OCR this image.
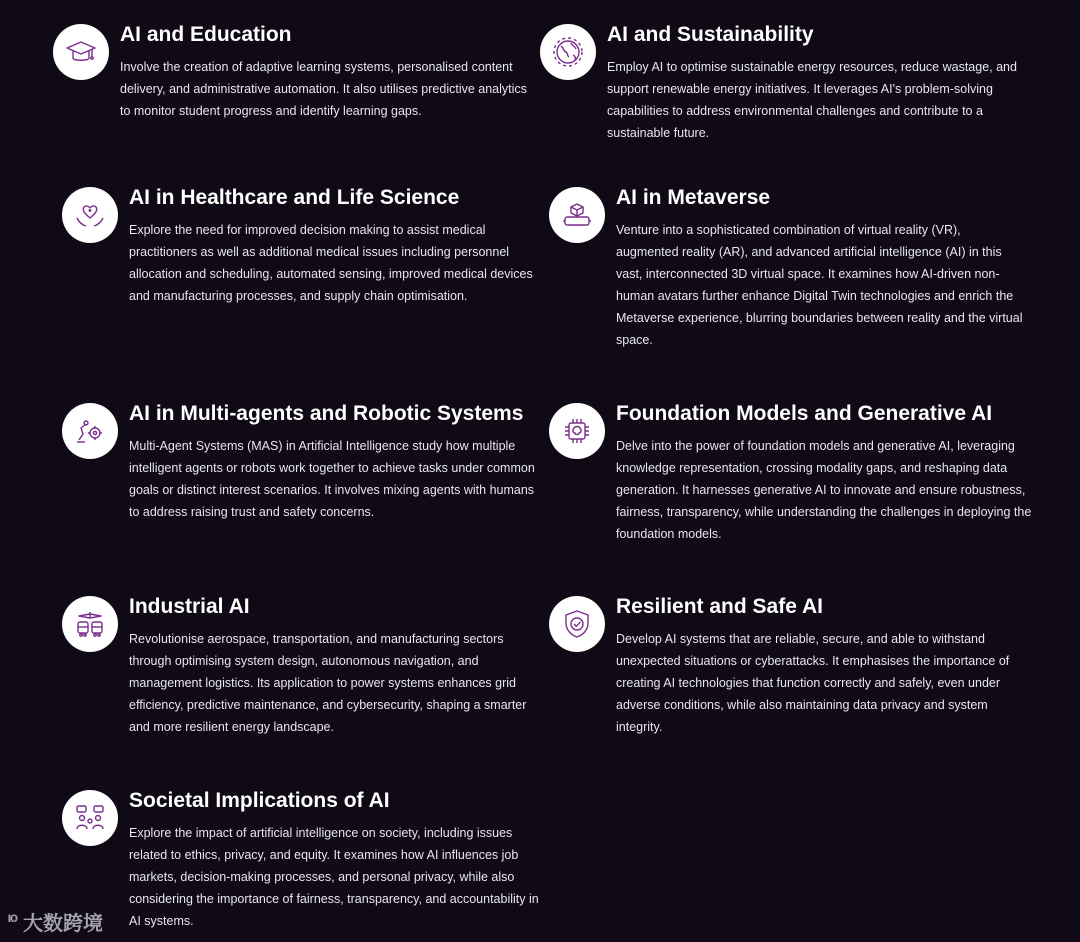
AI and Education

Involve the creation of adaptive learning systems, personalised content delivery, and administrative automation. It also utilises predictive analytics to monitor student progress and identify learning gaps.

AI and Sustainability

Employ AI to optimise sustainable energy resources, reduce wastage, and support renewable energy initiatives. It leverages AI's problem-solving capabilities to address environmental challenges and contribute to a sustainable future.

AI in Healthcare and Life Science

Explore the need for improved decision making to assist medical practitioners as well as additional medical issues including personnel allocation and scheduling, automated sensing, improved medical devices and manufacturing processes, and supply chain optimisation.

AI in Metaverse

Venture into a sophisticated combination of virtual reality (VR), augmented reality (AR), and advanced artificial intelligence (AI) in this vast, interconnected 3D virtual space. It examines how AI-driven non-human avatars further enhance Digital Twin technologies and enrich the Metaverse experience, blurring boundaries between reality and the virtual space.

AI in Multi-agents and Robotic Systems

Multi-Agent Systems (MAS) in Artificial Intelligence study how multiple intelligent agents or robots work together to achieve tasks under common goals or distinct interest scenarios. It involves mixing agents with humans to address raising trust and safety concerns.

Foundation Models and Generative AI

Delve into the power of foundation models and generative AI, leveraging knowledge representation, crossing modality gaps, and reshaping data generation. It harnesses generative AI to innovate and ensure robustness, fairness, transparency, while understanding the challenges in deploying the foundation models.

Industrial AI

Revolutionise aerospace, transportation, and manufacturing sectors through optimising system design, autonomous navigation, and management logistics. Its application to power systems enhances grid efficiency, predictive maintenance, and cybersecurity, shaping a smarter and more resilient energy landscape.

Resilient and Safe AI

Develop AI systems that are reliable, secure, and able to withstand unexpected situations or cyberattacks. It emphasises the importance of creating AI technologies that function correctly and safely, even under adverse conditions, while also maintaining data privacy and system integrity.

Societal Implications of AI

Explore the impact of artificial intelligence on society, including issues related to ethics, privacy, and equity. It examines how AI influences job markets, decision-making processes, and personal privacy, while also considering the importance of fairness, transparency, and accountability in AI systems.

ᶥᵒ 大数跨境
